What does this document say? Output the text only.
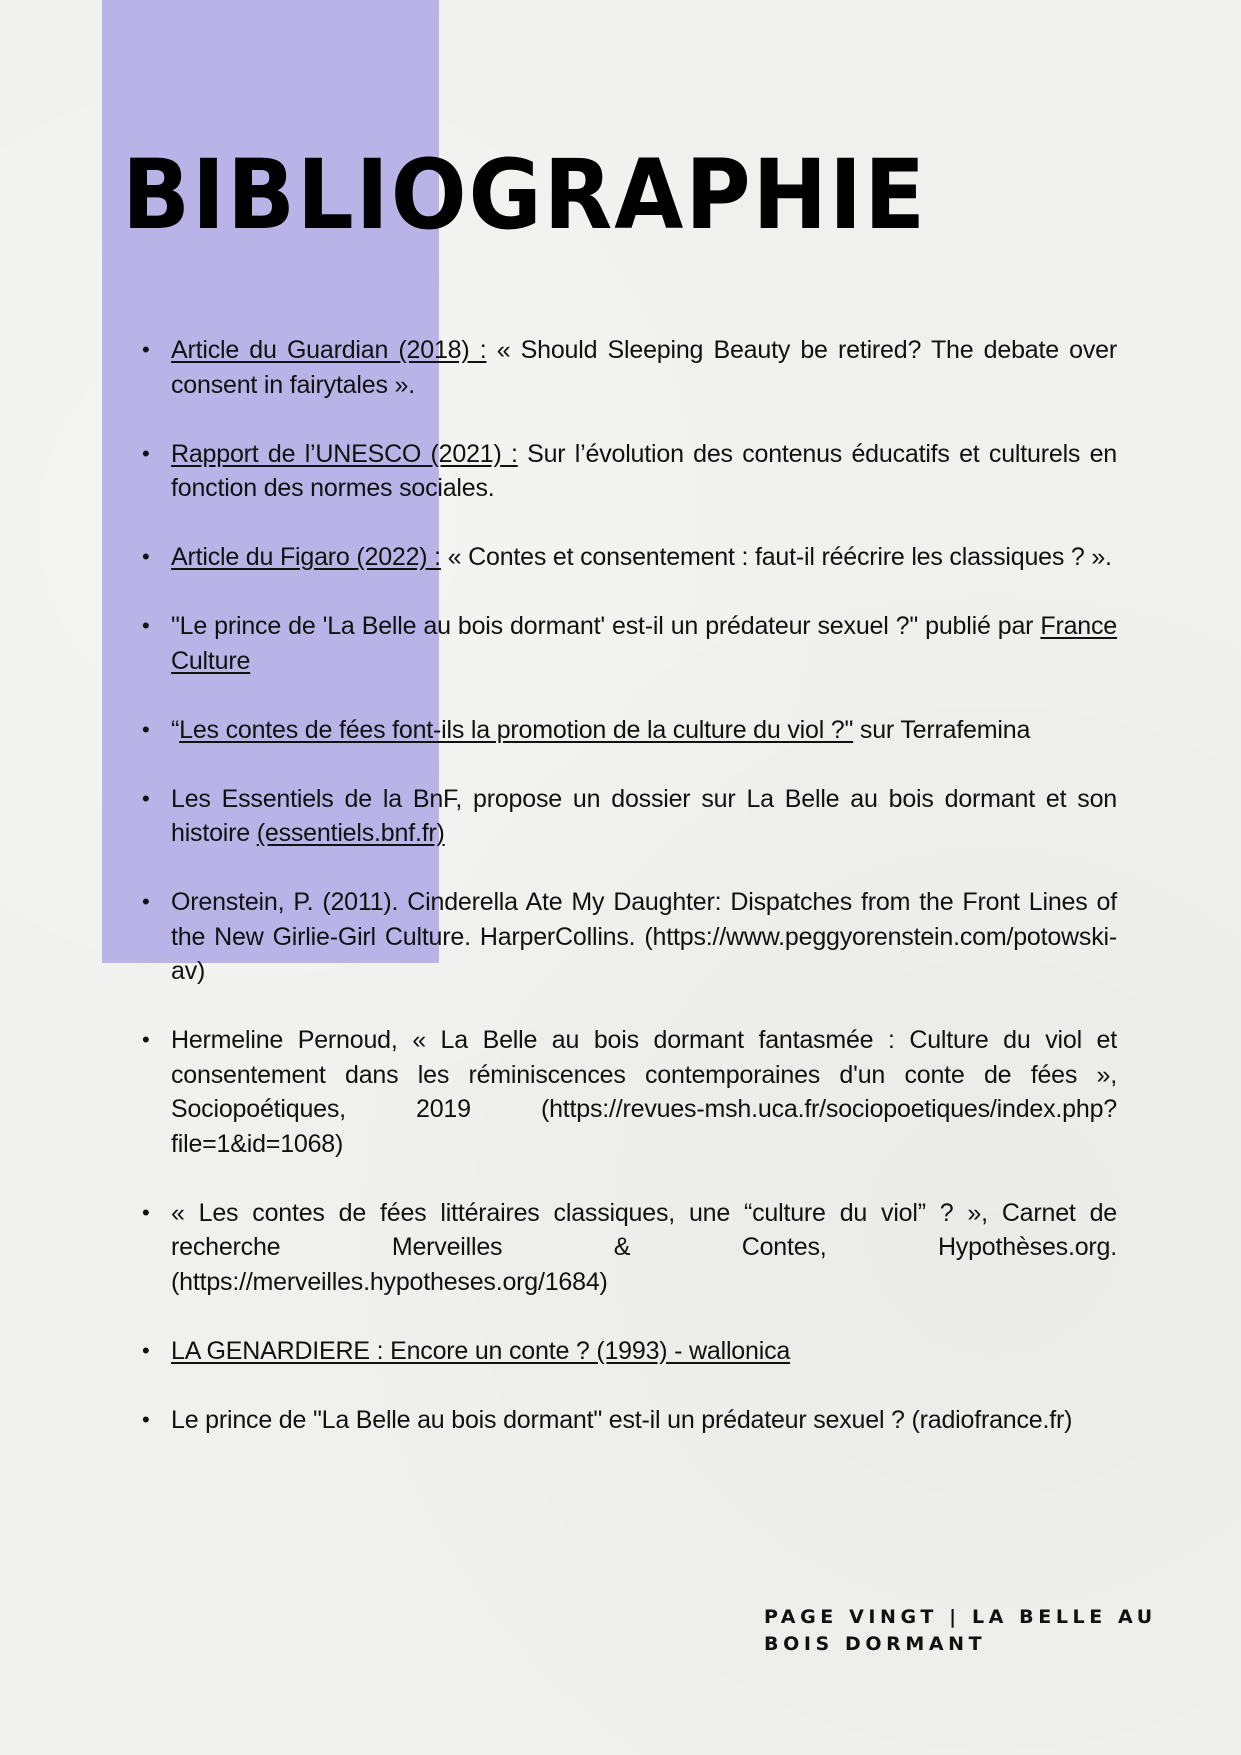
BIBLIOGRAPHIE
• Article du Guardian (2018) : « Should Sleeping Beauty be retired? The debate over consent in fairytales ».
• Rapport de l’UNESCO (2021) : Sur l’évolution des contenus éducatifs et culturels en fonction des normes sociales.
• Article du Figaro (2022) : « Contes et consentement : faut-il réécrire les classiques ? ».
• "Le prince de 'La Belle au bois dormant' est-il un prédateur sexuel ?" publié par France Culture
• “Les contes de fées font-ils la promotion de la culture du viol ?" sur Terrafemina
• Les Essentiels de la BnF, propose un dossier sur La Belle au bois dormant et son histoire (essentiels.bnf.fr)
• Orenstein, P. (2011). Cinderella Ate My Daughter: Dispatches from the Front Lines of the New Girlie-Girl Culture. HarperCollins. (https://www.peggyorenstein.com/potowski-av)
• Hermeline Pernoud, « La Belle au bois dormant fantasmée : Culture du viol et consentement dans les réminiscences contemporaines d'un conte de fées », Sociopoétiques, 2019 (https://revues-msh.uca.fr/sociopoetiques/index.php?file=1&id=1068)
• « Les contes de fées littéraires classiques, une “culture du viol” ? », Carnet de recherche Merveilles & Contes, Hypothèses.org. (https://merveilles.hypotheses.org/1684)
• LA GENARDIERE : Encore un conte ? (1993) - wallonica
• Le prince de "La Belle au bois dormant" est-il un prédateur sexuel ? (radiofrance.fr)
PAGE VINGT | LA BELLE AU BOIS DORMANT
